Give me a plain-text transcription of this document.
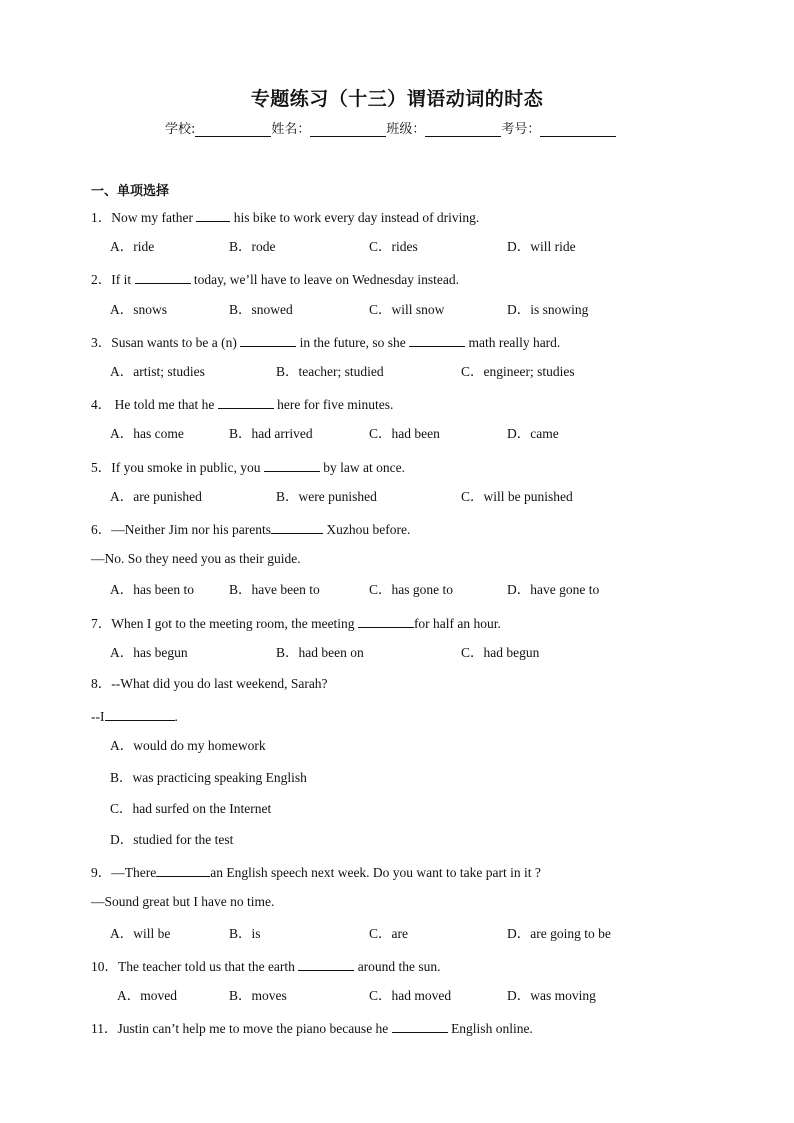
专题练习（十三）谓语动词的时态
学校:	姓名：	班级：	考号：
一、单项选择
1．Now my father	his bike to work every day instead of driving.
A．ride	B．rode	C．rides	D．will ride
2．If it	today, we’ll have to leave on Wednesday instead.
A．snows	B．snowed	C．will snow	D．is snowing
3．Susan wants to be a (n)	in the future, so she	math really hard.
A．artist; studies	B．teacher; studied	C．engineer; studies
4． He told me that he	here for five minutes.
A．has come	B．had arrived	C．had been	D．came
5．If you smoke in public, you	by law at once.
A．are punished	B．were punished	C．will be punished
6．—Neither Jim nor his parents	Xuzhou before.
—No. So they need you as their guide.
A．has been to	B．have been to	C．has gone to	D．have gone to
7．When I got to the meeting room, the meeting	for half an hour.
A．has begun	B．had been on	C．had begun
8．--What did you do last weekend, Sarah?
--I	.
A．would do my homework
B．was practicing speaking English
C．had surfed on the Internet
D．studied for the test
9．—There	an English speech next week. Do you want to take part in it ?
—Sound great but I have no time.
A．will be	B．is	C．are	D．are going to be
10．The teacher told us that the earth	around the sun.
A．moved	B．moves	C．had moved	D．was moving
11．Justin can’t help me to move the piano because he	English online.
